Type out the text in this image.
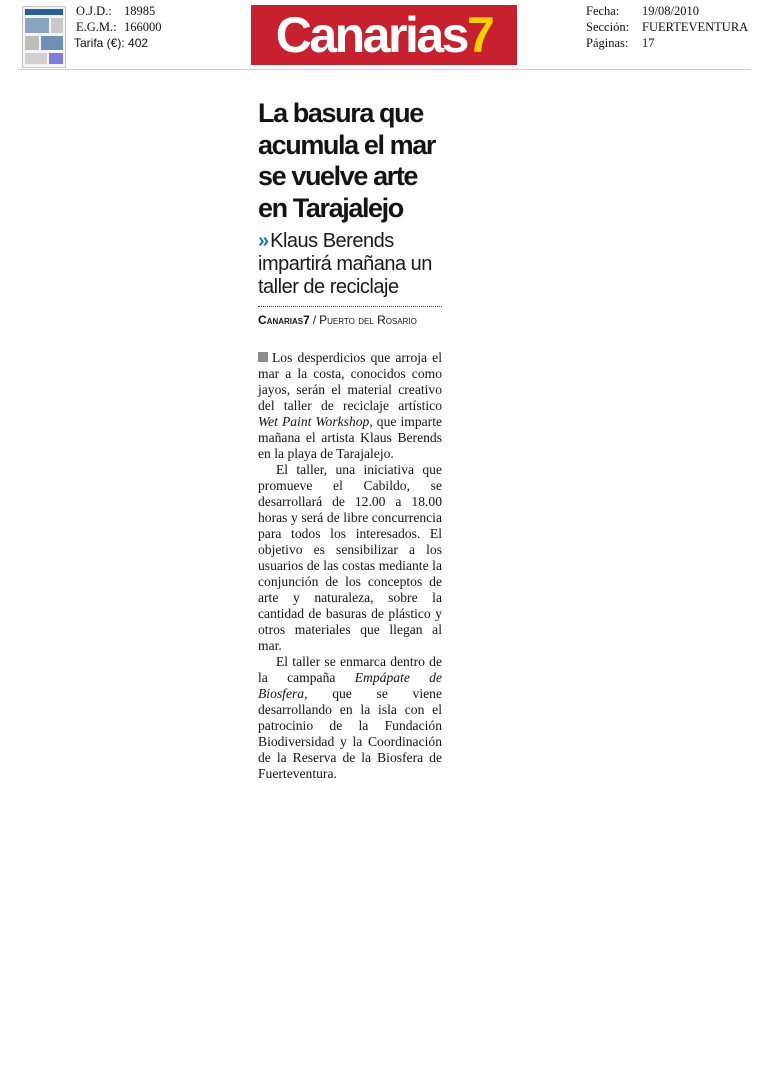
O.J.D.: 18985
E.G.M.: 166000
Tarifa (€): 402	Canarias7	Fecha: 19/08/2010
Sección: FUERTEVENTURA
Páginas: 17
La basura que acumula el mar se vuelve arte en Tarajalejo
» Klaus Berends impartirá mañana un taller de reciclaje
Canarias7 / Puerto del Rosario

Los desperdicios que arroja el mar a la costa, conocidos como jayos, serán el material creativo del taller de reciclaje artístico Wet Paint Workshop, que imparte mañana el artista Klaus Berends en la playa de Tarajalejo.

El taller, una iniciativa que promueve el Cabildo, se desarrollará de 12.00 a 18.00 horas y será de libre concurrencia para todos los interesados. El objetivo es sensibilizar a los usuarios de las costas mediante la conjunción de los conceptos de arte y naturaleza, sobre la cantidad de basuras de plástico y otros materiales que llegan al mar.

El taller se enmarca dentro de la campaña Empápate de Biosfera, que se viene desarrollando en la isla con el patrocinio de la Fundación Biodiversidad y la Coordinación de la Reserva de la Biosfera de Fuerteventura.
